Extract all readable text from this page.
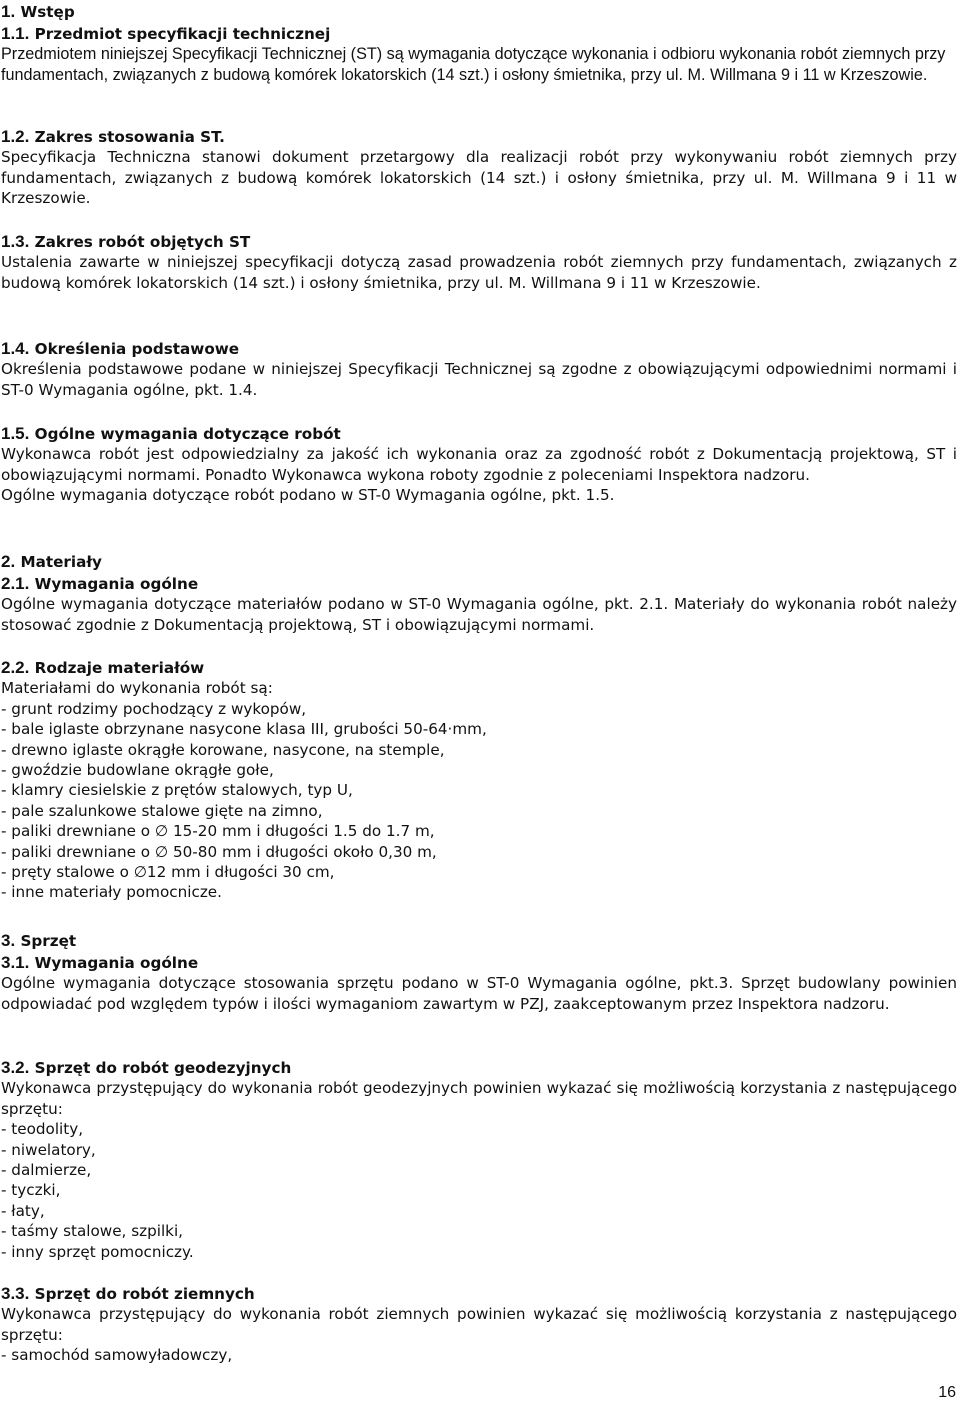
1. Wstęp

1.1. Przedmiot specyfikacji technicznej

Przedmiotem niniejszej Specyfikacji Technicznej (ST) są wymagania dotyczące wykonania i odbioru wykonania robót ziemnych przy fundamentach, związanych z budową komórek lokatorskich (14 szt.) i osłony śmietnika, przy ul. M. Willmana 9 i 11 w Krzeszowie.

1.2. Zakres stosowania ST.

Specyfikacja Techniczna stanowi dokument przetargowy dla realizacji robót przy wykonywaniu robót ziemnych przy fundamentach, związanych z budową komórek lokatorskich (14 szt.) i osłony śmietnika, przy ul. M. Willmana 9 i 11 w Krzeszowie.

1.3. Zakres robót objętych ST

Ustalenia zawarte w niniejszej specyfikacji dotyczą zasad prowadzenia robót ziemnych przy fundamentach, związanych z budową komórek lokatorskich (14 szt.) i osłony śmietnika, przy ul. M. Willmana 9 i 11 w Krzeszowie.

1.4. Określenia podstawowe

Określenia podstawowe podane w niniejszej Specyfikacji Technicznej są zgodne z obowiązującymi odpowiednimi normami i ST-0 Wymagania ogólne, pkt. 1.4.

1.5. Ogólne wymagania dotyczące robót

Wykonawca robót jest odpowiedzialny za jakość ich wykonania oraz za zgodność robót z Dokumentacją projektową, ST i obowiązującymi normami. Ponadto Wykonawca wykona roboty zgodnie z poleceniami Inspektora nadzoru.

Ogólne wymagania dotyczące robót podano w ST-0 Wymagania ogólne, pkt. 1.5.

2. Materiały

2.1. Wymagania ogólne

Ogólne wymagania dotyczące materiałów podano w ST-0 Wymagania ogólne, pkt. 2.1. Materiały do wykonania robót należy stosować zgodnie z Dokumentacją projektową, ST i obowiązującymi normami.

2.2. Rodzaje materiałów

Materiałami do wykonania robót są:

- grunt rodzimy pochodzący z wykopów,
- bale iglaste obrzynane nasycone klasa III, grubości 50-64·mm,
- drewno iglaste okrągłe korowane, nasycone, na stemple,
- gwoździe budowlane okrągłe gołe,
- klamry ciesielskie z prętów stalowych, typ U,
- pale szalunkowe stalowe gięte na zimno,
- paliki drewniane o ∅ 15-20 mm i długości 1.5 do 1.7 m,
- paliki drewniane o ∅ 50-80 mm i długości około 0,30 m,
- pręty stalowe o ∅12 mm i długości 30 cm,
- inne materiały pomocnicze.

3. Sprzęt

3.1. Wymagania ogólne

Ogólne wymagania dotyczące stosowania sprzętu podano w ST-0 Wymagania ogólne, pkt.3. Sprzęt budowlany powinien odpowiadać pod względem typów i ilości wymaganiom zawartym w PZJ, zaakceptowanym przez Inspektora nadzoru.

3.2. Sprzęt do robót geodezyjnych

Wykonawca przystępujący do wykonania robót geodezyjnych powinien wykazać się możliwością korzystania z następującego sprzętu:

- teodolity,
- niwelatory,
- dalmierze,
- tyczki,
- łaty,
- taśmy stalowe, szpilki,
- inny sprzęt pomocniczy.

3.3. Sprzęt do robót ziemnych

Wykonawca przystępujący do wykonania robót ziemnych powinien wykazać się możliwością korzystania z następującego sprzętu:

- samochód samowyładowczy,
16
